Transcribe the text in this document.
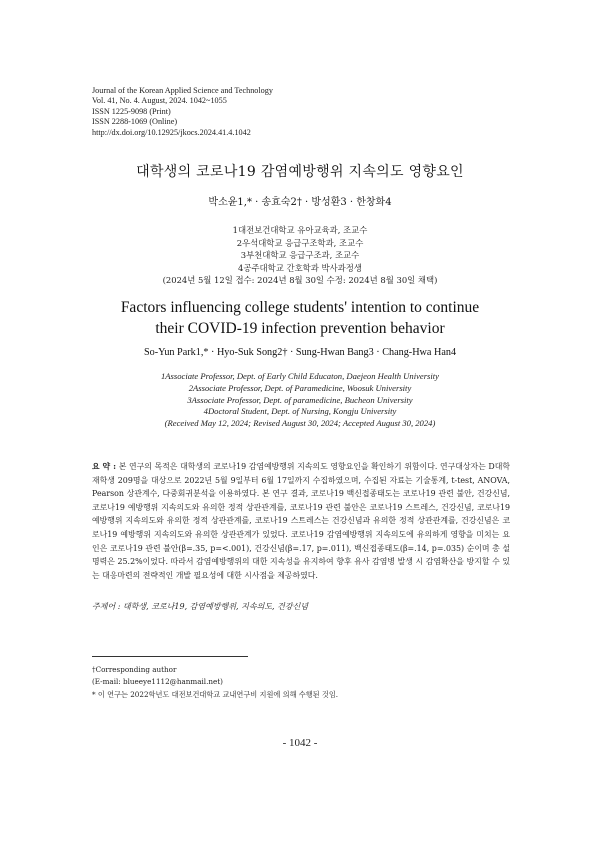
Journal of the Korean Applied Science and Technology
Vol. 41, No. 4. August, 2024. 1042~1055
ISSN 1225-9098 (Print)
ISSN 2288-1069 (Online)
http://dx.doi.org/10.12925/jkocs.2024.41.4.1042
대학생의 코로나19 감염예방행위 지속의도 영향요인
박소윤1,* · 송효숙2† · 방성환3 · 한창화4
1대전보건대학교 유아교육과, 조교수
2우석대학교 응급구조학과, 조교수
3부천대학교 응급구조과, 조교수
4공주대학교 간호학과 박사과정생
(2024년 5월 12일 접수: 2024년 8월 30일 수정: 2024년 8월 30일 채택)
Factors influencing college students' intention to continue
their COVID-19 infection prevention behavior
So-Yun Park1,* · Hyo-Suk Song2† · Sung-Hwan Bang3 · Chang-Hwa Han4
1Associate Professor, Dept. of Early Child Educaton, Daejeon Health University
2Associate Professor, Dept. of Paramedicine, Woosuk University
3Associate Professor, Dept. of paramedicine, Bucheon University
4Doctoral Student, Dept. of Nursing, Kongju University
(Received May 12, 2024; Revised August 30, 2024; Accepted August 30, 2024)
요 약 : 본 연구의 목적은 대학생의 코로나19 감염예방행위 지속의도 영향요인을 확인하기 위함이다. 연구대상자는 D대학 재학생 209명을 대상으로 2022년 5월 9일부터 6월 17일까지 수집하였으며, 수집된 자료는 기술통계, t-test, ANOVA, Pearson 상관계수, 다중회귀분석을 이용하였다. 본 연구 결과, 코로나19 백신접종태도는 코로나19 관련 불안, 건강신념, 코로나19 예방행위 지속의도와 유의한 정적 상관관계를, 코로나19 관련 불안은 코로나19 스트레스, 건강신념, 코로나19 예방행위 지속의도와 유의한 정적 상관관계를, 코로나19 스트레스는 건강신념과 유의한 정적 상관관계를, 건강신념은 코로나19 예방행위 지속의도와 유의한 상관관계가 있었다. 코로나19 감염예방행위 지속의도에 유의하게 영향을 미치는 요인은 코로나19 관련 불안(β=.35, p=<.001), 건강신념(β=.17, p=.011), 백신접종태도(β=.14, p=.035) 순이며 총 설명력은 25.2%이었다. 따라서 감염예방행위의 대한 지속성을 유지하여 향후 유사 감염병 발생 시 감염확산을 방지할 수 있는 대응마련의 전략적인 개발 필요성에 대한 시사점을 제공하였다.
주제어 : 대학생, 코로나19, 감염예방행위, 지속의도, 건강신념
†Corresponding author
(E-mail: blueeye1112@hanmail.net)
* 이 연구는 2022학년도 대전보건대학교 교내연구비 지원에 의해 수행된 것임.
- 1042 -
